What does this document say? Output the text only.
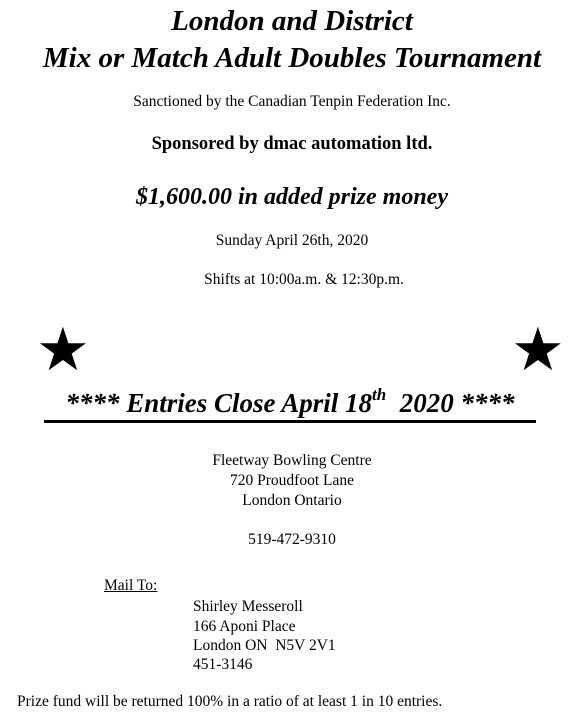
London and District
Mix or Match Adult Doubles Tournament
Sanctioned by the Canadian Tenpin Federation Inc.
Sponsored by dmac automation ltd.
$1,600.00 in added prize money
Sunday April 26th, 2020
Shifts at 10:00a.m. & 12:30p.m.
★	★
**** Entries Close April 18th  2020 ****
Fleetway Bowling Centre
720 Proudfoot Lane
London Ontario
519-472-9310
Mail To:
Shirley Messeroll
166 Aponi Place
London ON  N5V 2V1
451-3146
Prize fund will be returned 100% in a ratio of at least 1 in 10 entries.
